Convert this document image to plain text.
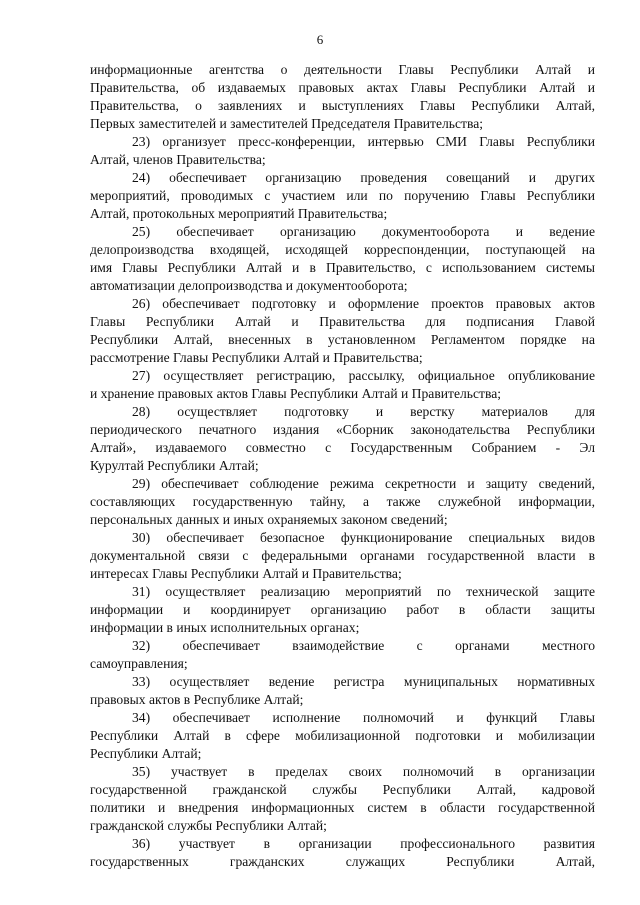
6
информационные агентства о деятельности Главы Республики Алтай и
Правительства, об издаваемых правовых актах Главы Республики Алтай и
Правительства, о заявлениях и выступлениях Главы Республики Алтай,
Первых заместителей и заместителей Председателя Правительства;
23) организует пресс-конференции, интервью СМИ Главы Республики
Алтай, членов Правительства;
24) обеспечивает организацию проведения совещаний и других
мероприятий, проводимых с участием или по поручению Главы Республики
Алтай, протокольных мероприятий Правительства;
25) обеспечивает организацию документооборота и ведение
делопроизводства входящей, исходящей корреспонденции, поступающей на
имя Главы Республики Алтай и в Правительство, с использованием системы
автоматизации делопроизводства и документооборота;
26) обеспечивает подготовку и оформление проектов правовых актов
Главы Республики Алтай и Правительства для подписания Главой
Республики Алтай, внесенных в установленном Регламентом порядке на
рассмотрение Главы Республики Алтай и Правительства;
27) осуществляет регистрацию, рассылку, официальное опубликование
и хранение правовых актов Главы Республики Алтай и Правительства;
28) осуществляет подготовку и верстку материалов для
периодического печатного издания «Сборник законодательства Республики
Алтай», издаваемого совместно с Государственным Собранием - Эл
Курултай Республики Алтай;
29) обеспечивает соблюдение режима секретности и защиту сведений,
составляющих государственную тайну, а также служебной информации,
персональных данных и иных охраняемых законом сведений;
30) обеспечивает безопасное функционирование специальных видов
документальной связи с федеральными органами государственной власти в
интересах Главы Республики Алтай и Правительства;
31) осуществляет реализацию мероприятий по технической защите
информации и координирует организацию работ в области защиты
информации в иных исполнительных органах;
32) обеспечивает взаимодействие с органами местного
самоуправления;
33) осуществляет ведение регистра муниципальных нормативных
правовых актов в Республике Алтай;
34) обеспечивает исполнение полномочий и функций Главы
Республики Алтай в сфере мобилизационной подготовки и мобилизации
Республики Алтай;
35) участвует в пределах своих полномочий в организации
государственной гражданской службы Республики Алтай, кадровой
политики и внедрения информационных систем в области государственной
гражданской службы Республики Алтай;
36) участвует в организации профессионального развития
государственных гражданских служащих Республики Алтай,
